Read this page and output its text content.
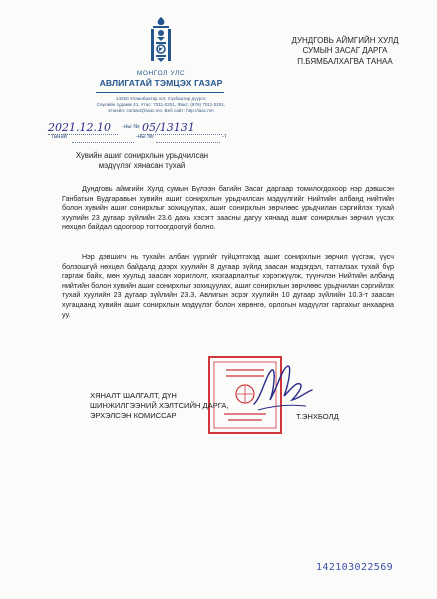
МОНГОЛ УЛС
АВЛИГАТАЙ ТЭМЦЭХ ГАЗАР
14250 Улаанбаатар хот, Сүхбаатар дүүрэг,
Сөүлийн гудамж 41, Утас: 7011-0251, Факс: (976) 7011-0251,
И-мэйл: contact@iaac.mn, Веб сайт: http://iaac.mn
ДУНДГОВЬ АЙМГИЙН ХУЛД
СУМЫН ЗАСАГ ДАРГА
П.БЯМБАЛХАГВА ТАНАА
2021.12.10 -ны № 05/13131
танай	-ны №	-т
Хувийн ашиг сонирхлын урьдчилсан
мэдүүлэг хянасан тухай

Дундговь аймгийн Хулд сумын Бүлээн багийн Засаг даргаар томилогдохоор нэр дэвшсэн Ганбатын Будгаравын хувийн ашиг сонирхлын урьдчилсан мэдүүлгийг Нийтийн албанд нийтийн болон хувийн ашиг сонирхлыг зохицуулах, ашиг сонирхлын зөрчлөөс урьдчилан сэргийлэх тухай хуулийн 23 дугаар зүйлийн 23.6 дахь хэсэгт заасны дагуу хянаад ашиг сонирхлын зөрчил үүсэх нөхцөл байдал одоогоор тогтоогдоогүй болно.

Нэр дэвшигч нь тухайн албан үүргийг гүйцэтгэхэд ашиг сонирхлын зөрчил үүсгэж, үүсч болзошгүй нөхцөл байдалд дээрх хуулийн 8 дугаар зүйлд заасан мэдэгдэл, татгалзах тухай бүр гаргаж байх, мөн хуульд заасан хориглолт, хязгаарлалтыг хэрэгжүүлж, түүнчлэн Нийтийн албанд нийтийн болон хувийн ашиг сонирхлыг зохицуулах, ашиг сонирхлын зөрчлөөс урьдчилан сэргийлэх тухай хуулийн 23 дугаар зүйлийн 23.3, Авлигын эсрэг хуулийн 10 дугаар зүйлийн 10.3-т заасан хугацаанд хувийн ашиг сонирхлын мэдүүлэг болон хөрөнгө, орлогын мэдүүлэг гаргахыг анхаарна уу.

ХЯНАЛТ ШАЛГАЛТ, ДҮН
ШИНЖИЛГЭЭНИЙ ХЭЛТСИЙН ДАРГА,
ЭРХЭЛСЭН КОМИССАР	Т.ЭНХБОЛД
142103022569
